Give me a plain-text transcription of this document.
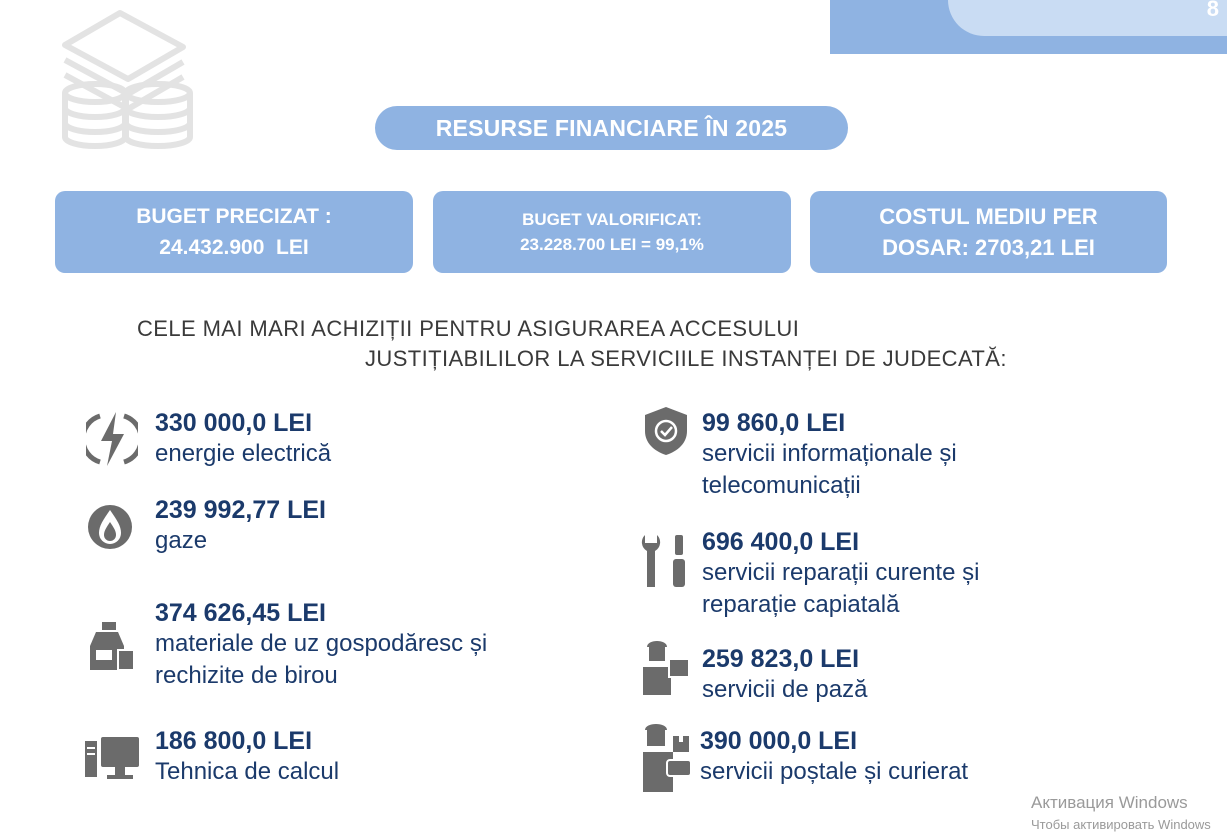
8
RESURSE FINANCIARE ÎN 2025
BUGET PRECIZAT :
24.432.900  LEI
BUGET VALORIFICAT:
23.228.700 LEI = 99,1%
COSTUL MEDIU PER
DOSAR: 2703,21 LEI
CELE MAI MARI ACHIZIȚII PENTRU ASIGURAREA ACCESULUI
JUSTIȚIABILILOR LA SERVICIILE INSTANȚEI DE JUDECATĂ:
330 000,0 LEI
energie electrică
239 992,77 LEI
gaze
374 626,45 LEI
materiale de uz gospodăresc și
rechizite de birou
186 800,0 LEI
Tehnica de calcul
99 860,0 LEI
servicii informaționale și
telecomunicații
696 400,0 LEI
servicii reparații curente și
reparație capiatală
259 823,0 LEI
servicii de pază
390 000,0 LEI
servicii poștale și curierat
Активация Windows
Чтобы активировать Windows
